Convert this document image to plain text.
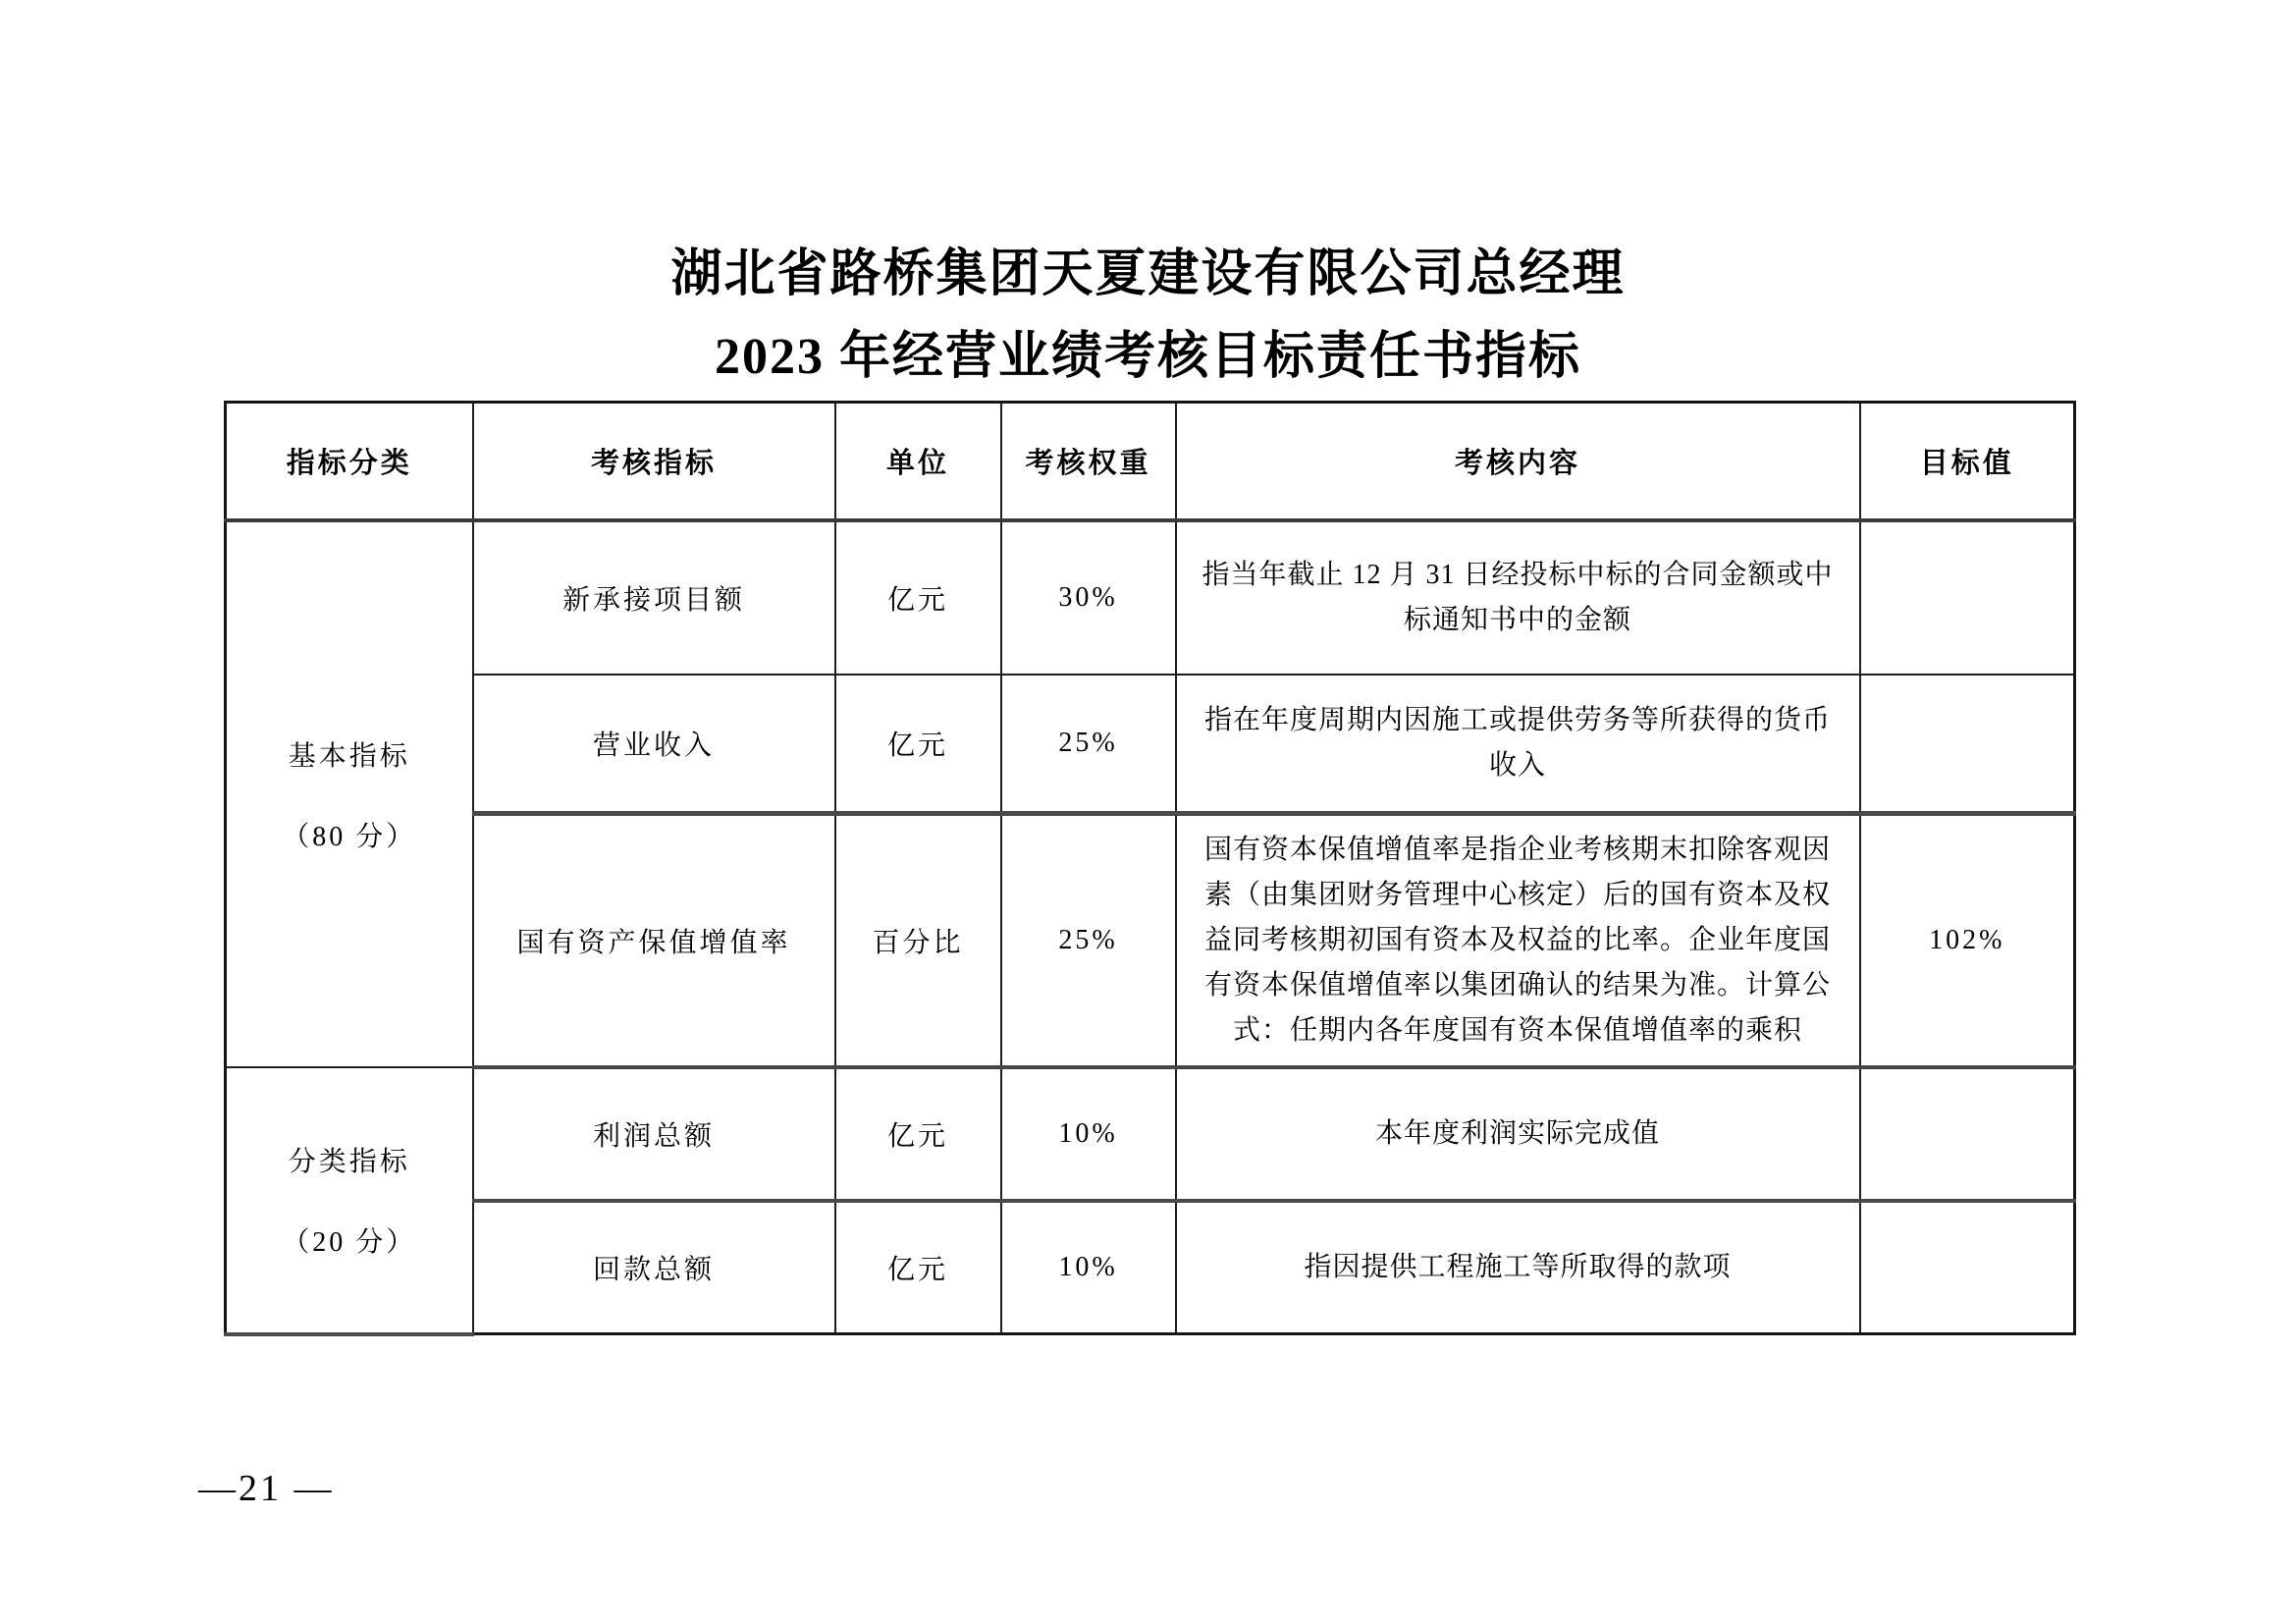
湖北省路桥集团天夏建设有限公司总经理
2023 年经营业绩考核目标责任书指标
指标分类	考核指标	单位	考核权重	考核内容	目标值

基本指标
（80 分）	新承接项目额	亿元	30%	指当年截止 12 月 31 日经投标中标的合同金额或中标通知书中的金额	
	营业收入	亿元	25%	指在年度周期内因施工或提供劳务等所获得的货币收入	
	国有资产保值增值率	百分比	25%	国有资本保值增值率是指企业考核期末扣除客观因素（由集团财务管理中心核定）后的国有资本及权益同考核期初国有资本及权益的比率。企业年度国有资本保值增值率以集团确认的结果为准。计算公式：任期内各年度国有资本保值增值率的乘积	102%

分类指标
（20 分）	利润总额	亿元	10%	本年度利润实际完成值	
	回款总额	亿元	10%	指因提供工程施工等所取得的款项	
—21 —
